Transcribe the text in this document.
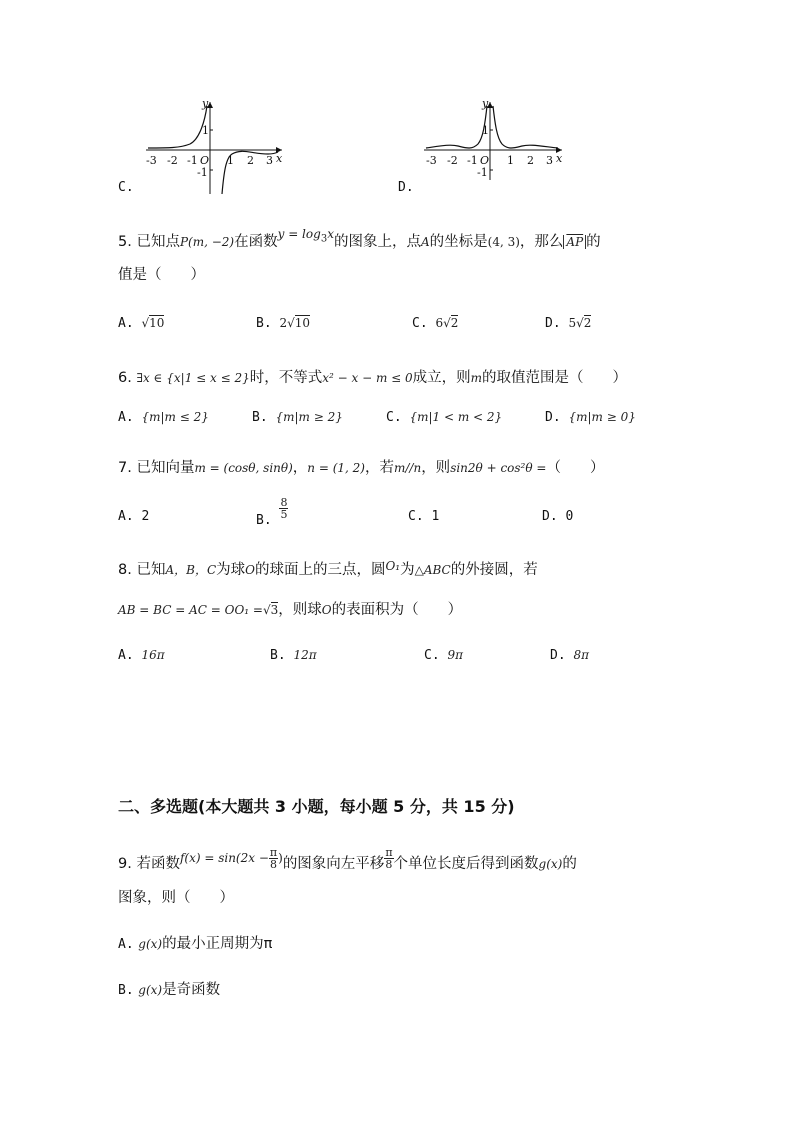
y
x
1
-1
O
-3 -2 -1	1 2 3
C.
y
x
1
-1
O
-3 -2 -1	1 2 3
D.
5. 已知点P(m, −2)在函数$^{y = log_3x}$的图象上，点A的坐标是(4, 3)，那么 $\overline{AP}$ 的
值是（　　）
A. √10	B. 2√10	C. 6√2	D. 5√2
6. ∃x ∈ {x|1 ≤ x ≤ 2}时，不等式x² − x − m ≤ 0成立，则m的取值范围是（　　）
A. {m|m ≤ 2}	B. {m|m ≥ 2}	C. {m|1 < m < 2}	D. {m|m ≥ 0}
7. 已知向量m = (cosθ, sinθ)，n = (1, 2)，若m//n，则sin2θ + cos²θ =（　　）
A. 2	B.
$\frac{8}{5}$	C. 1	D. 0
8. 已知A，B，C为球O的球面上的三点，圆$^{O_1}$为△ABC的外接圆，若
AB = BC = AC = OO₁ =√3，则球O的表面积为（　　）
A. 16π	B. 12π	C. 9π	D. 8π
二、多选题(本大题共 3 小题，每小题 5 分，共 15 分)
9. 若函数$^{f(x) = sin(2x -} \frac{\pi}{8} ^)$的图象向左平移 $\frac{\pi}{8}$ 个单位长度后得到函数g(x)的
图象，则（　　）
A. g(x)的最小正周期为π
B. g(x)是奇函数
